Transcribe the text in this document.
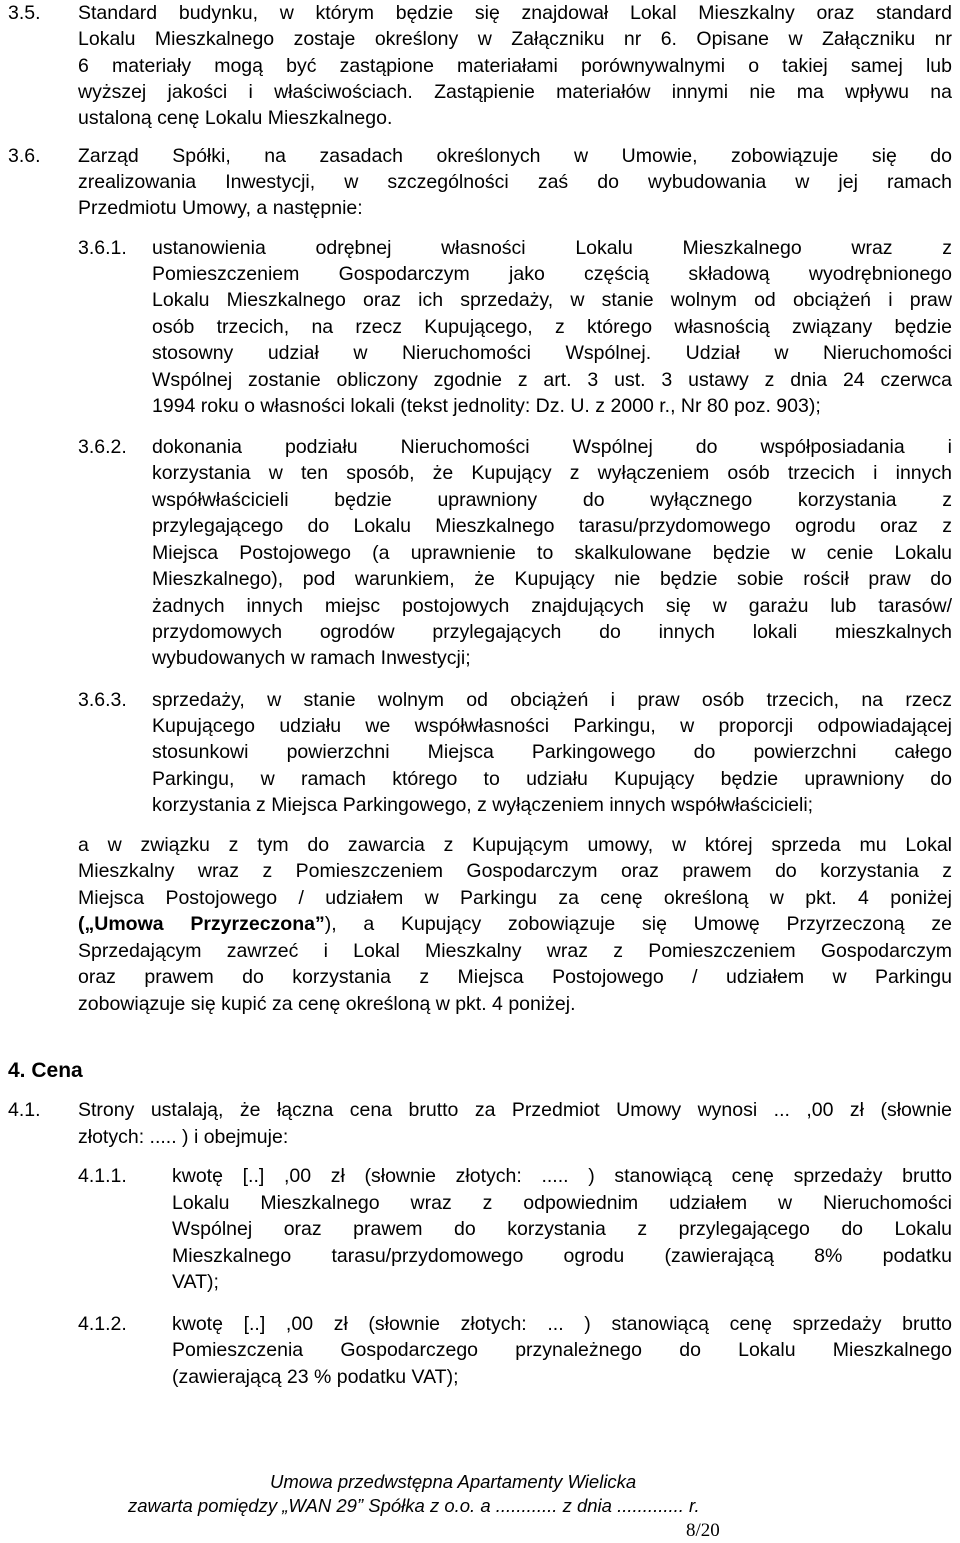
3.5. Standard budynku, w którym będzie się znajdował Lokal Mieszkalny oraz standard
Lokalu Mieszkalnego zostaje określony w Załączniku nr 6. Opisane w Załączniku nr
6 materiały mogą być zastąpione materiałami porównywalnymi o takiej samej lub
wyższej jakości i właściwościach. Zastąpienie materiałów innymi nie ma wpływu na
ustaloną cenę Lokalu Mieszkalnego.
3.6. Zarząd Spółki, na zasadach określonych w Umowie, zobowiązuje się do
zrealizowania Inwestycji, w szczególności zaś do wybudowania w jej ramach
Przedmiotu Umowy, a następnie:
3.6.1. ustanowienia odrębnej własności Lokalu Mieszkalnego wraz z
Pomieszczeniem Gospodarczym jako częścią składową wyodrębnionego
Lokalu Mieszkalnego oraz ich sprzedaży, w stanie wolnym od obciążeń i praw
osób trzecich, na rzecz Kupującego, z którego własnością związany będzie
stosowny udział w Nieruchomości Wspólnej. Udział w Nieruchomości
Wspólnej zostanie obliczony zgodnie z art. 3 ust. 3 ustawy z dnia 24 czerwca
1994 roku o własności lokali (tekst jednolity: Dz. U. z 2000 r., Nr 80 poz. 903);
3.6.2. dokonania podziału Nieruchomości Wspólnej do współposiadania i
korzystania w ten sposób, że Kupujący z wyłączeniem osób trzecich i innych
współwłaścicieli będzie uprawniony do wyłącznego korzystania z
przylegającego do Lokalu Mieszkalnego tarasu/przydomowego ogrodu oraz z
Miejsca Postojowego (a uprawnienie to skalkulowane będzie w cenie Lokalu
Mieszkalnego), pod warunkiem, że Kupujący nie będzie sobie rościł praw do
żadnych innych miejsc postojowych znajdujących się w garażu lub tarasów/
przydomowych ogrodów przylegających do innych lokali mieszkalnych
wybudowanych w ramach Inwestycji;
3.6.3. sprzedaży, w stanie wolnym od obciążeń i praw osób trzecich, na rzecz
Kupującego udziału we współwłasności Parkingu, w proporcji odpowiadającej
stosunkowi powierzchni Miejsca Parkingowego do powierzchni całego
Parkingu, w ramach którego to udziału Kupujący będzie uprawniony do
korzystania z Miejsca Parkingowego, z wyłączeniem innych współwłaścicieli;
a w związku z tym do zawarcia z Kupującym umowy, w której sprzeda mu Lokal
Mieszkalny wraz z Pomieszczeniem Gospodarczym oraz prawem do korzystania z
Miejsca Postojowego / udziałem w Parkingu za cenę określoną w pkt. 4 poniżej
(„Umowa Przyrzeczona”), a Kupujący zobowiązuje się Umowę Przyrzeczoną ze
Sprzedającym zawrzeć i Lokal Mieszkalny wraz z Pomieszczeniem Gospodarczym
oraz prawem do korzystania z Miejsca Postojowego / udziałem w Parkingu
zobowiązuje się kupić za cenę określoną w pkt. 4 poniżej.
4. Cena
4.1. Strony ustalają, że łączna cena brutto za Przedmiot Umowy wynosi ... ,00 zł (słownie
złotych: ..... ) i obejmuje:
4.1.1. kwotę [..] ,00 zł (słownie złotych: ..... ) stanowiącą cenę sprzedaży brutto
Lokalu Mieszkalnego wraz z odpowiednim udziałem w Nieruchomości
Wspólnej oraz prawem do korzystania z przylegającego do Lokalu
Mieszkalnego tarasu/przydomowego ogrodu (zawierającą 8% podatku
VAT);
4.1.2. kwotę [..] ,00 zł (słownie złotych: ... ) stanowiącą cenę sprzedaży brutto
Pomieszczenia Gospodarczego przynależnego do Lokalu Mieszkalnego
(zawierającą 23 % podatku VAT);
Umowa przedwstępna Apartamenty Wielicka
zawarta pomiędzy „WAN 29” Spółka z o.o. a ............ z dnia ............. r.
8/20
